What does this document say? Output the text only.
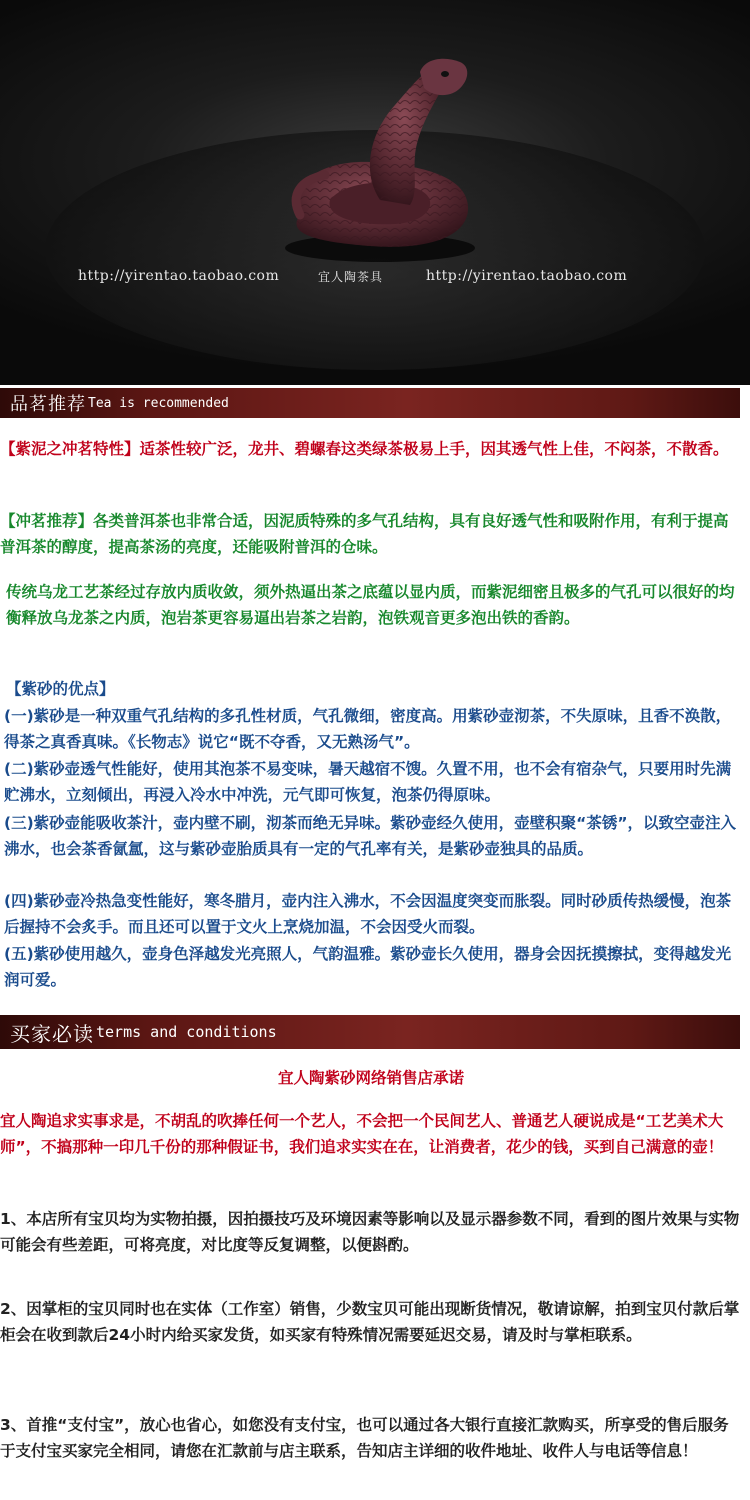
http://yirentao.taobao.com	宜人陶茶具	http://yirentao.taobao.com
品茗推荐 Tea is recommended

【紫泥之冲茗特性】适茶性较广泛，龙井、碧螺春这类绿茶极易上手，因其透气性上佳，不闷茶，不散香。

【冲茗推荐】各类普洱茶也非常合适，因泥质特殊的多气孔结构，具有良好透气性和吸附作用，有利于提高普洱茶的醇度，提高茶汤的亮度，还能吸附普洱的仓味。

传统乌龙工艺茶经过存放内质收敛，须外热逼出茶之底蕴以显内质，而紫泥细密且极多的气孔可以很好的均衡释放乌龙茶之内质，泡岩茶更容易逼出岩茶之岩韵，泡铁观音更多泡出铁的香韵。

【紫砂的优点】

(一)紫砂是一种双重气孔结构的多孔性材质，气孔微细，密度高。用紫砂壶沏茶，不失原味，且香不涣散，得茶之真香真味。《长物志》说它“既不夺香，又无熟汤气”。

(二)紫砂壶透气性能好，使用其泡茶不易变味，暑天越宿不馊。久置不用，也不会有宿杂气，只要用时先满贮沸水，立刻倾出，再浸入冷水中冲洗，元气即可恢复，泡茶仍得原味。

(三)紫砂壶能吸收茶汁，壶内壁不刷，沏茶而绝无异味。紫砂壶经久使用，壶壁积聚“茶锈”，以致空壶注入沸水，也会茶香氤氲，这与紫砂壶胎质具有一定的气孔率有关，是紫砂壶独具的品质。

(四)紫砂壶冷热急变性能好，寒冬腊月，壶内注入沸水，不会因温度突变而胀裂。同时砂质传热缓慢，泡茶后握持不会炙手。而且还可以置于文火上烹烧加温，不会因受火而裂。

(五)紫砂使用越久，壶身色泽越发光亮照人，气韵温雅。紫砂壶长久使用，器身会因抚摸擦拭，变得越发光润可爱。

买家必读 terms and conditions

宜人陶紫砂网络销售店承诺

宜人陶追求实事求是，不胡乱的吹捧任何一个艺人，不会把一个民间艺人、普通艺人硬说成是“工艺美术大师”，不搞那种一印几千份的那种假证书，我们追求实实在在，让消费者，花少的钱，买到自己满意的壶！

1、本店所有宝贝均为实物拍摄，因拍摄技巧及环境因素等影响以及显示器参数不同，看到的图片效果与实物可能会有些差距，可将亮度，对比度等反复调整，以便斟酌。

2、因掌柜的宝贝同时也在实体（工作室）销售，少数宝贝可能出现断货情况，敬请谅解，拍到宝贝付款后掌柜会在收到款后24小时内给买家发货，如买家有特殊情况需要延迟交易，请及时与掌柜联系。

3、首推“支付宝”，放心也省心，如您没有支付宝，也可以通过各大银行直接汇款购买，所享受的售后服务于支付宝买家完全相同，请您在汇款前与店主联系，告知店主详细的收件地址、收件人与电话等信息！
